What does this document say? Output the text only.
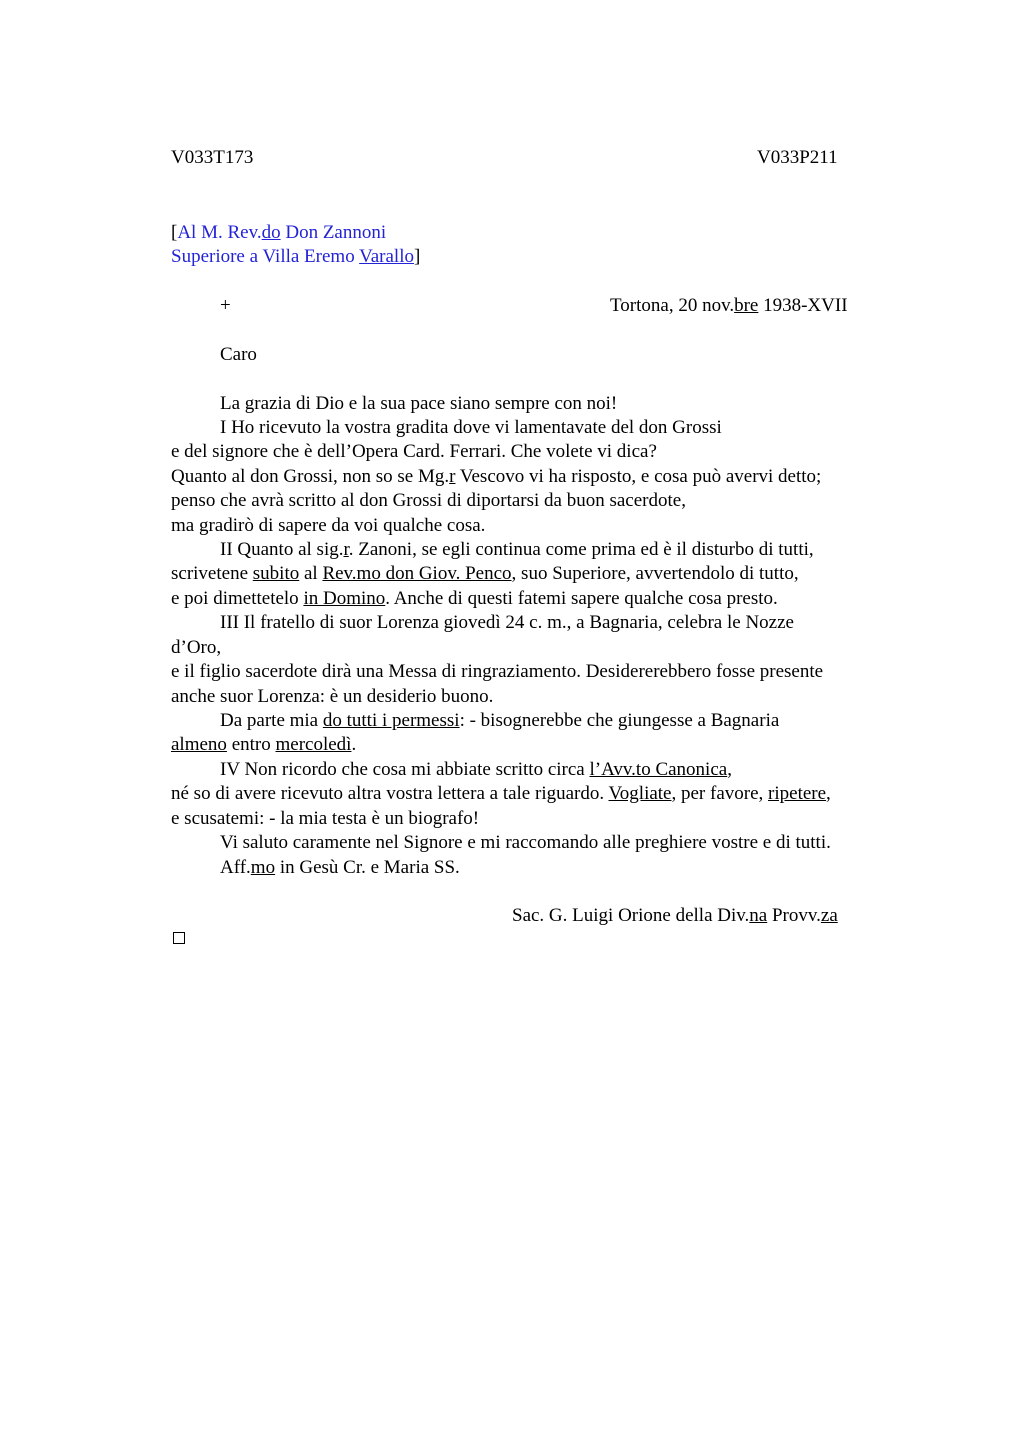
V033T173	V033P211
[Al M. Rev.do Don Zannoni
Superiore a Villa Eremo Varallo]
+	Tortona, 20 nov.bre 1938-XVII
Caro
La grazia di Dio e la sua pace siano sempre con noi!
I Ho ricevuto la vostra gradita dove vi lamentavate del don Grossi
e del signore che è dell’Opera Card. Ferrari. Che volete vi dica?
Quanto al don Grossi, non so se Mg.r Vescovo vi ha risposto, e cosa può avervi detto;
penso che avrà scritto al don Grossi di diportarsi da buon sacerdote,
ma gradirò di sapere da voi qualche cosa.
II Quanto al sig.r. Zanoni, se egli continua come prima ed è il disturbo di tutti,
scrivetene subito al Rev.mo don Giov. Penco, suo Superiore, avvertendolo di tutto,
e poi dimettetelo in Domino. Anche di questi fatemi sapere qualche cosa presto.
III Il fratello di suor Lorenza giovedì 24 c. m., a Bagnaria, celebra le Nozze
d’Oro,
e il figlio sacerdote dirà una Messa di ringraziamento. Desidererebbero fosse presente
anche suor Lorenza: è un desiderio buono.
Da parte mia do tutti i permessi: - bisognerebbe che giungesse a Bagnaria
almeno entro mercoledì.
IV Non ricordo che cosa mi abbiate scritto circa l’Avv.to Canonica,
né so di avere ricevuto altra vostra lettera a tale riguardo. Vogliate, per favore, ripetere,
e scusatemi: - la mia testa è un biografo!
Vi saluto caramente nel Signore e mi raccomando alle preghiere vostre e di tutti.
Aff.mo in Gesù Cr. e Maria SS.
Sac. G. Luigi Orione della Div.na Provv.za
